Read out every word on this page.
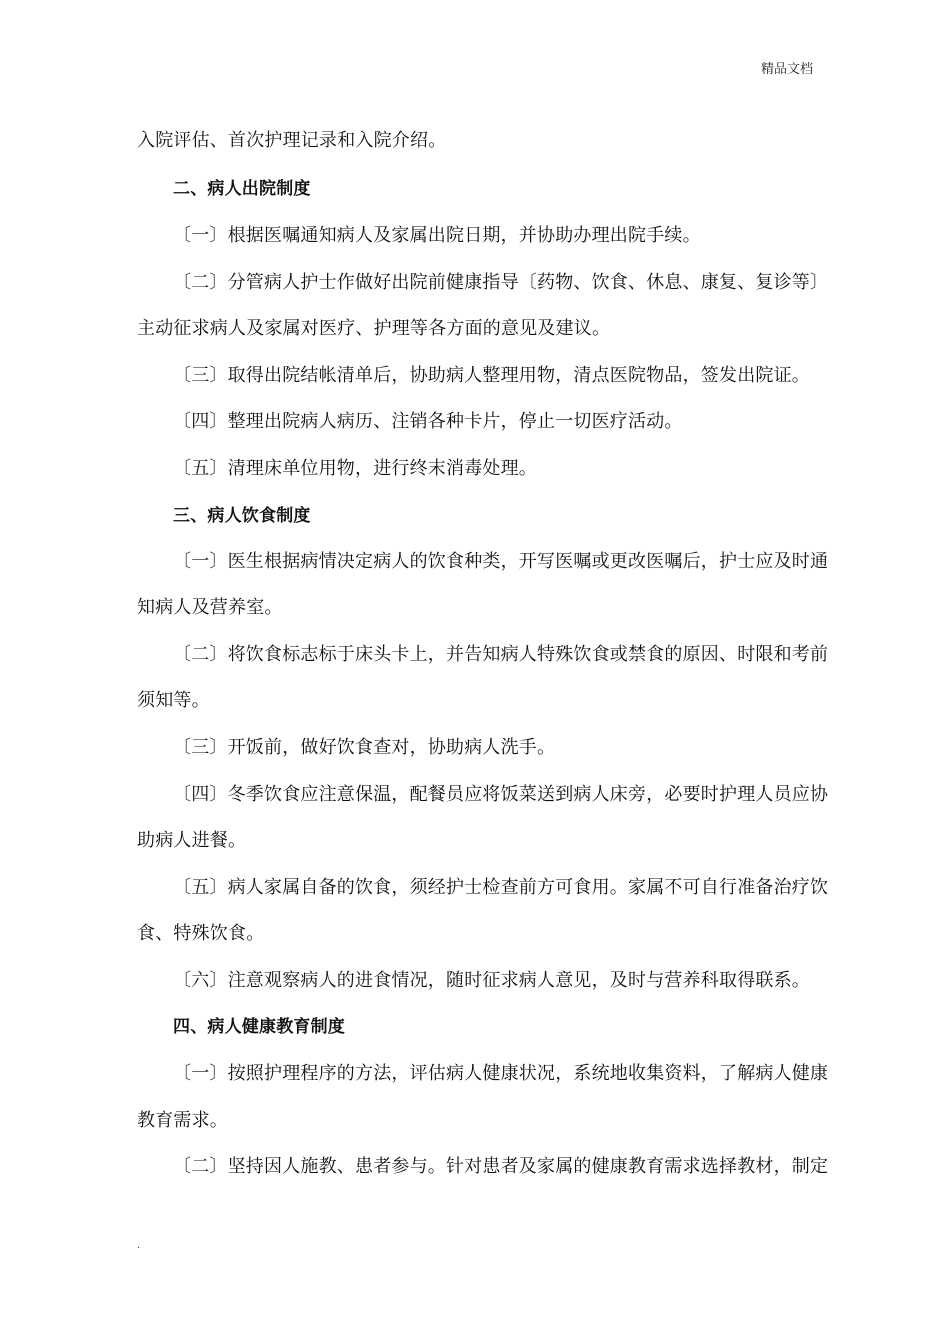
精品文档
入院评估、首次护理记录和入院介绍。
二、病人出院制度
〔一〕根据医嘱通知病人及家属出院日期，并协助办理出院手续。
〔二〕分管病人护士作做好出院前健康指导〔药物、饮食、休息、康复、复诊等〕
主动征求病人及家属对医疗、护理等各方面的意见及建议。
〔三〕取得出院结帐清单后，协助病人整理用物，清点医院物品，签发出院证。
〔四〕整理出院病人病历、注销各种卡片，停止一切医疗活动。
〔五〕清理床单位用物，进行终末消毒处理。
三、病人饮食制度
〔一〕医生根据病情决定病人的饮食种类，开写医嘱或更改医嘱后，护士应及时通
知病人及营养室。
〔二〕将饮食标志标于床头卡上，并告知病人特殊饮食或禁食的原因、时限和考前
须知等。
〔三〕开饭前，做好饮食查对，协助病人洗手。
〔四〕冬季饮食应注意保温，配餐员应将饭菜送到病人床旁，必要时护理人员应协
助病人进餐。
〔五〕病人家属自备的饮食，须经护士检查前方可食用。家属不可自行准备治疗饮
食、特殊饮食。
〔六〕注意观察病人的进食情况，随时征求病人意见，及时与营养科取得联系。
四、病人健康教育制度
〔一〕按照护理程序的方法，评估病人健康状况，系统地收集资料，了解病人健康
教育需求。
〔二〕坚持因人施教、患者参与。针对患者及家属的健康教育需求选择教材，制定
.
